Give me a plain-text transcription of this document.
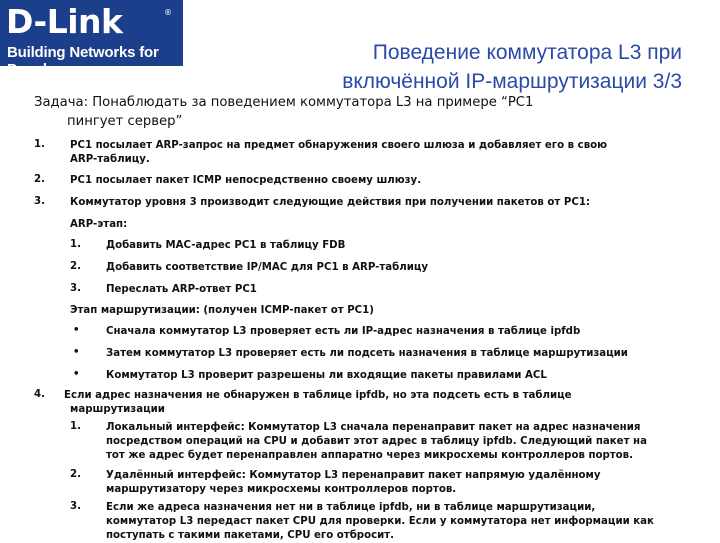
D-Link	®
Building Networks for People
Поведение коммутатора L3 при
включённой IP-маршрутизации 3/3
Задача: Понаблюдать за поведением коммутатора L3 на примере “PC1
пингует сервер”
1. PC1 посылает ARP-запрос на предмет обнаружения своего шлюза и добавляет его в свою
ARP-таблицу.
2. PC1 посылает пакет ICMP непосредственно своему шлюзу.
3. Коммутатор уровня 3 производит следующие действия при получении пакетов от PC1:
ARP-этап:
1. Добавить MAC-адрес PC1 в таблицу FDB
2. Добавить соответствие IP/MAC для PC1 в ARP-таблицу
3. Переслать ARP-ответ PC1
Этап маршрутизации: (получен ICMP-пакет от PC1)
•	Сначала коммутатор L3 проверяет есть ли IP-адрес назначения в таблице ipfdb
•	Затем коммутатор L3 проверяет есть ли подсеть назначения в таблице маршрутизации
•	Коммутатор L3 проверит разрешены ли входящие пакеты правилами ACL
4. Если адрес назначения не обнаружен в таблице ipfdb, но эта подсеть есть в таблице
маршрутизации
1. Локальный интерфейс: Коммутатор L3 сначала перенаправит пакет на адрес назначения
посредством операций на CPU и добавит этот адрес в таблицу ipfdb. Следующий пакет на
тот же адрес будет перенаправлен аппаратно через микросхемы контроллеров портов.
2. Удалённый интерфейс: Коммутатор L3 перенаправит пакет напрямую удалённому
маршрутизатору через микросхемы контроллеров портов.
3. Если же адреса назначения нет ни в таблице ipfdb, ни в таблице маршрутизации,
коммутатор L3 передаст пакет CPU для проверки. Если у коммутатора нет информации как
поступать с такими пакетами, CPU его отбросит.
